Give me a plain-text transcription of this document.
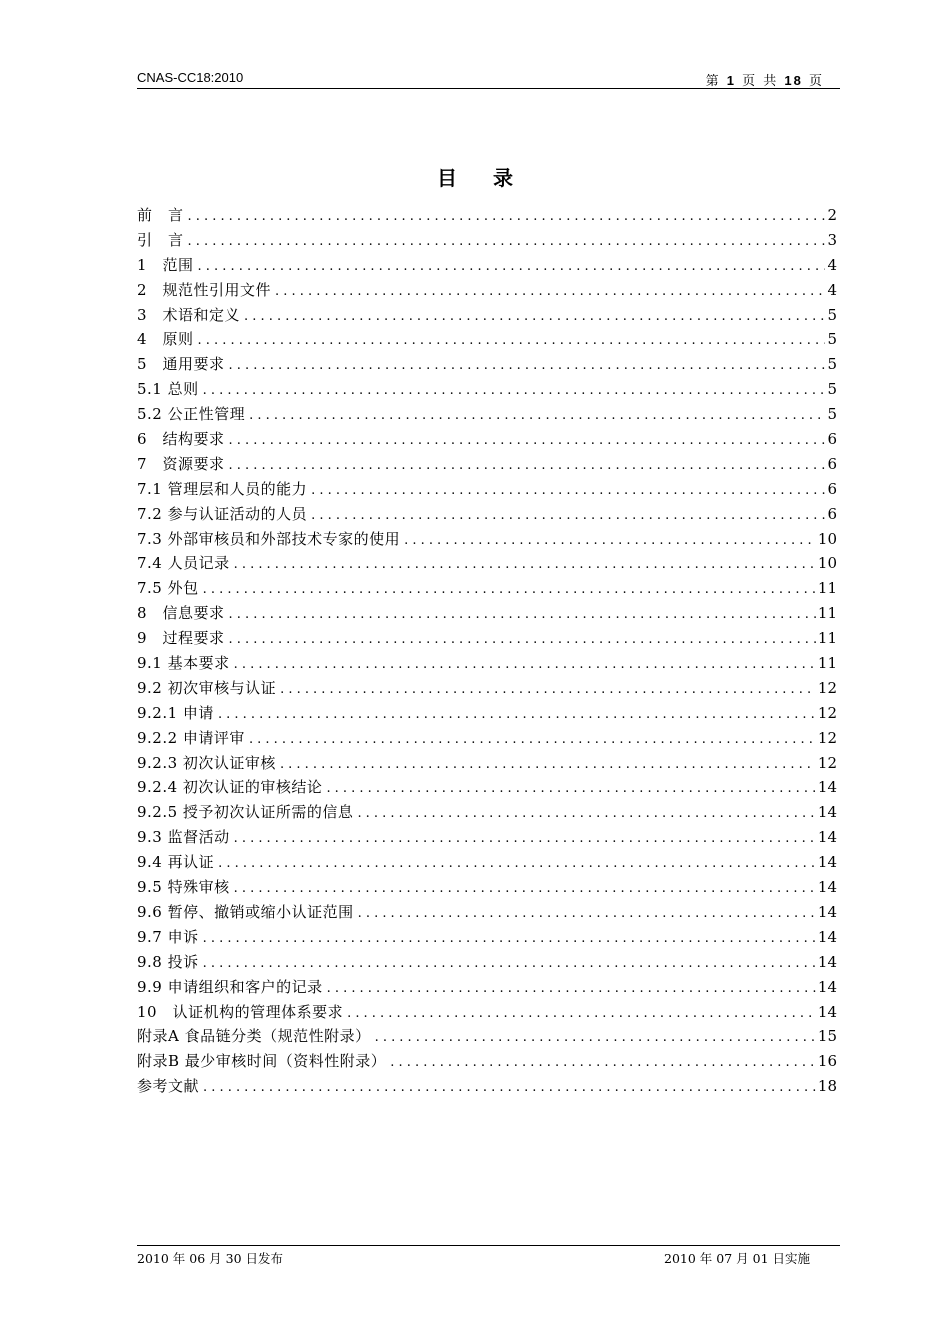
CNAS-CC18:2010	第 1 页 共 18 页
目录
前　言 .....	2
引　言 .....	3
1　范围 .....	4
2　规范性引用文件 .....	4
3　术语和定义 .....	5
4　原则 .....	5
5　通用要求 .....	5
5.1 总则 .....	5
5.2 公正性管理 .....	5
6　结构要求 .....	6
7　资源要求 .....	6
7.1 管理层和人员的能力 .....	6
7.2 参与认证活动的人员 .....	6
7.3 外部审核员和外部技术专家的使用 .....	10
7.4 人员记录 .....	10
7.5 外包 .....	11
8　信息要求 .....	11
9　过程要求 .....	11
9.1 基本要求 .....	11
9.2 初次审核与认证 .....	12
9.2.1 申请 .....	12
9.2.2 申请评审 .....	12
9.2.3 初次认证审核 .....	12
9.2.4 初次认证的审核结论 .....	14
9.2.5 授予初次认证所需的信息 .....	14
9.3 监督活动 .....	14
9.4 再认证 .....	14
9.5 特殊审核 .....	14
9.6 暂停、撤销或缩小认证范围 .....	14
9.7 申诉 .....	14
9.8 投诉 .....	14
9.9 申请组织和客户的记录 .....	14
10　认证机构的管理体系要求 .....	14
附录A 食品链分类（规范性附录） .....	15
附录B 最少审核时间（资料性附录） .....	16
参考文献 .....	18
2010 年 06 月 30 日发布	2010 年 07 月 01 日实施
